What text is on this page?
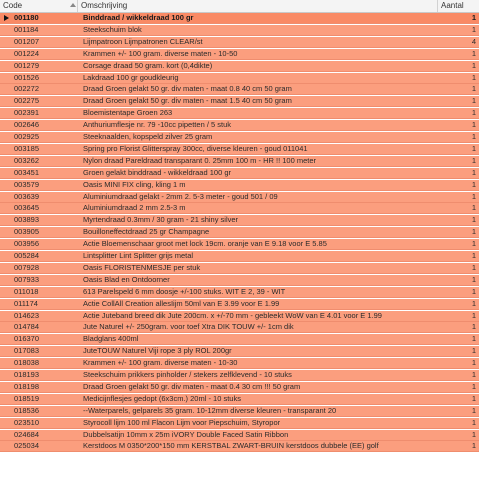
Code	Omschrijving	Aantal
001180	Binddraad / wikkeldraad 100 gr	1
001184	Steekschuim blok	1
001207	Lijmpatroon Lijmpatronen CLEAR/st	4
001224	Krammen +/- 100 gram. diverse maten - 10-50	1
001279	Corsage draad 50 gram. kort (0,4dikte)	1
001526	Lakdraad 100 gr goudkleurig	1
002272	Draad Groen gelakt 50 gr. div maten - maat 0.8 40 cm 50 gram	1
002275	Draad Groen gelakt 50 gr. div maten - maat 1.5 40 cm 50 gram	1
002391	Bloemistentape Groen 263	1
002646	Anthuriumflesje nr. 79 -10cc pipetten / 5 stuk	1
002925	Steeknaalden, kopspeld zilver 25 gram	1
003185	Spring pro Florist Glitterspray 300cc, diverse kleuren - goud 011041	1
003262	Nylon draad Pareldraad transparant 0. 25mm 100 m - HR !! 100 meter	1
003451	Groen gelakt binddraad - wikkeldraad 100 gr	1
003579	Oasis MINI FIX cling, kling 1 m	1
003639	Aluminiumdraad gelakt - 2mm 2. 5-3 meter - goud 501 / 09	1
003645	Aluminiumdraad 2 mm 2.5-3 m	1
003893	Myrtendraad 0.3mm / 30 gram - 21 shiny silver	1
003905	Bouilloneffectdraad 25 gr Champagne	1
003956	Actie Bloemenschaar groot met lock 19cm. oranje van E 9.18 voor E 5.85	1
005284	Lintsplitter Lint Splitter grijs metal	1
007928	Oasis FLORISTENMESJE per stuk	1
007933	Oasis Blad en Ontdoorner	1
011018	613 Parelspeld 6 mm doosje +/-100 stuks. WIT E 2, 39 - WIT	1
011174	Actie CollAll Creation allesIijm 50ml van E 3.99 voor E 1.99	1
014623	Actie Juteband breed dik Jute 200cm. x +/-70 mm - gebleekt WoW van E 4.01 voor E 1.99	1
014784	Jute Naturel +/- 250gram. voor toef Xtra DIK TOUW +/- 1cm dik	1
016370	Bladglans 400ml	1
017083	JuteTOUW Naturel Viji rope 3 ply ROL 200gr	1
018038	Krammen +/- 100 gram. diverse maten - 10-30	1
018193	Steekschuim prikkers pinholder / stekers zelfklevend - 10 stuks	1
018198	Draad Groen gelakt 50 gr. div maten - maat 0.4 30 cm !!! 50 gram	1
018519	Medicijnflesjes gedopt (6x3cm.) 20ml - 10 stuks	1
018536	--Waterparels, gelparels 35 gram. 10-12mm diverse kleuren - transparant 20	1
023510	Styrocoll lijm 100 ml Flacon Lijm voor Piepschuim, Styropor	1
024684	Dubbelsatijn 10mm x 25m iVORY Double Faced Satin Ribbon	1
025034	Kerstdoos M 0350*200*150 mm KERSTBAL ZWART-BRUIN kerstdoos dubbele (EE) golf	1
